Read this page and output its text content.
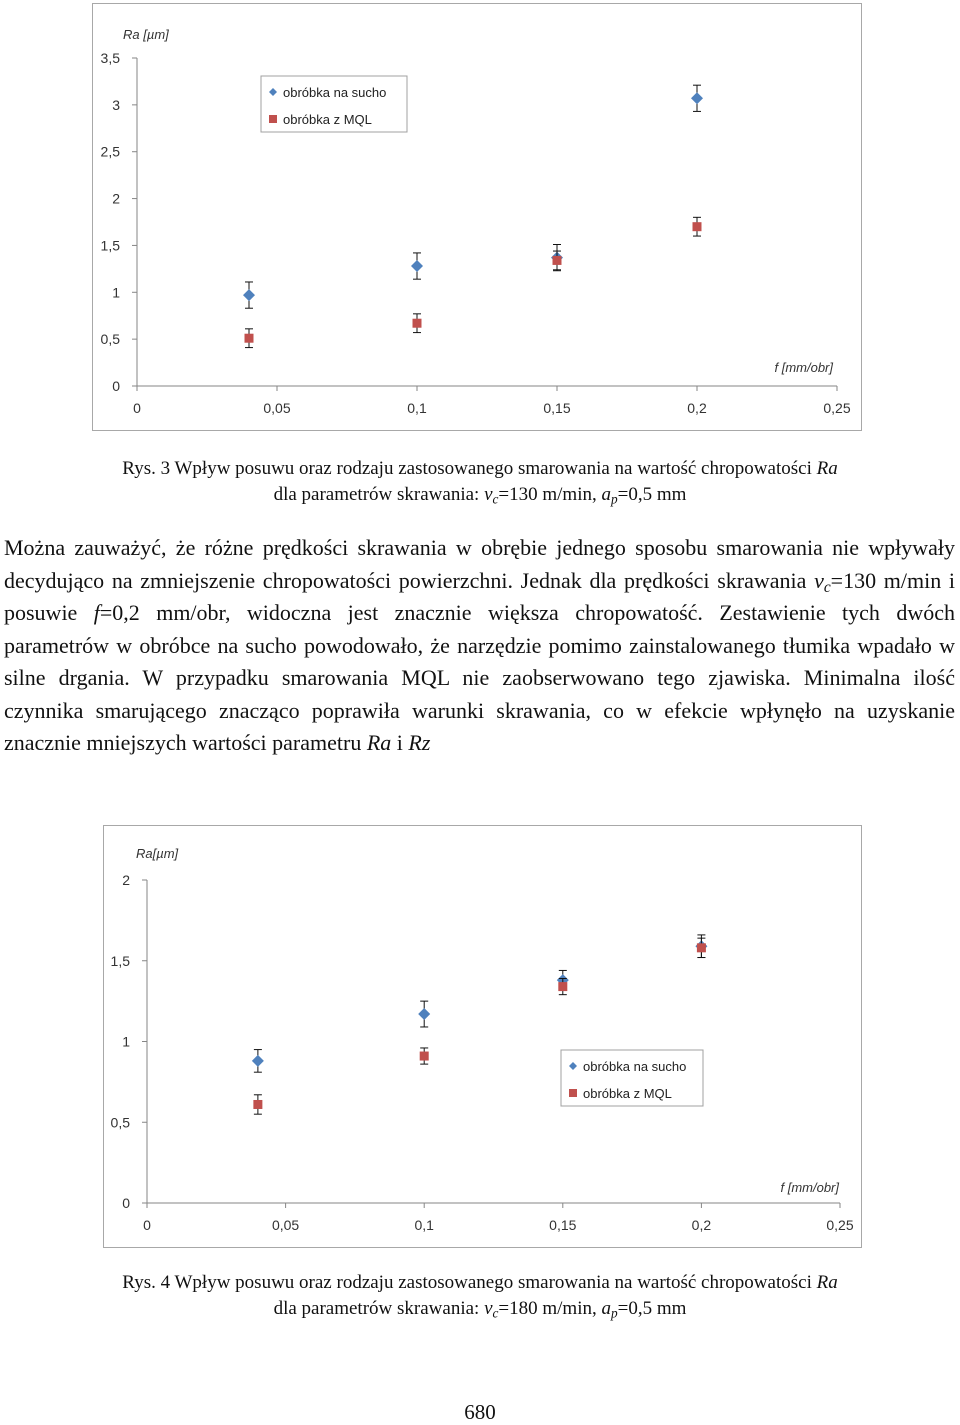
0
0,5
1
1,5
2
2,5
3
3,5
0	0,05	0,1	0,15	0,2	0,25
Ra [µm]
f [mm/obr]
obróbka na sucho
obróbka z MQL
Rys. 3 Wpływ posuwu oraz rodzaju zastosowanego smarowania na wartość chropowatości Ra
dla parametrów skrawania: $v_c=130$ m/min, $a_p=0,5$ mm

Można zauważyć, że różne prędkości skrawania w obrębie jednego sposobu smarowania nie wpływały decydująco na zmniejszenie chropowatości powierzchni. Jednak dla prędkości skrawania $v_c=130$ m/min i posuwie f=0,2 mm/obr, widoczna jest znacznie większa chropowatość. Zestawienie tych dwóch parametrów w obróbce na sucho powodowało, że narzędzie pomimo zainstalowanego tłumika wpadało w silne drgania. W przypadku smarowania MQL nie zaobserwowano tego zjawiska. Minimalna ilość czynnika smarującego znacząco poprawiła warunki skrawania, co w efekcie wpłynęło na uzyskanie znacznie mniejszych wartości parametru Ra i Rz

0
0,5
1
1,5
2
0	0,05	0,1	0,15	0,2	0,25
Ra[µm]
f [mm/obr]
obróbka na sucho
obróbka z MQL
Rys. 4 Wpływ posuwu oraz rodzaju zastosowanego smarowania na wartość chropowatości Ra
dla parametrów skrawania: $v_c=180$ m/min, $a_p=0,5$ mm
680
